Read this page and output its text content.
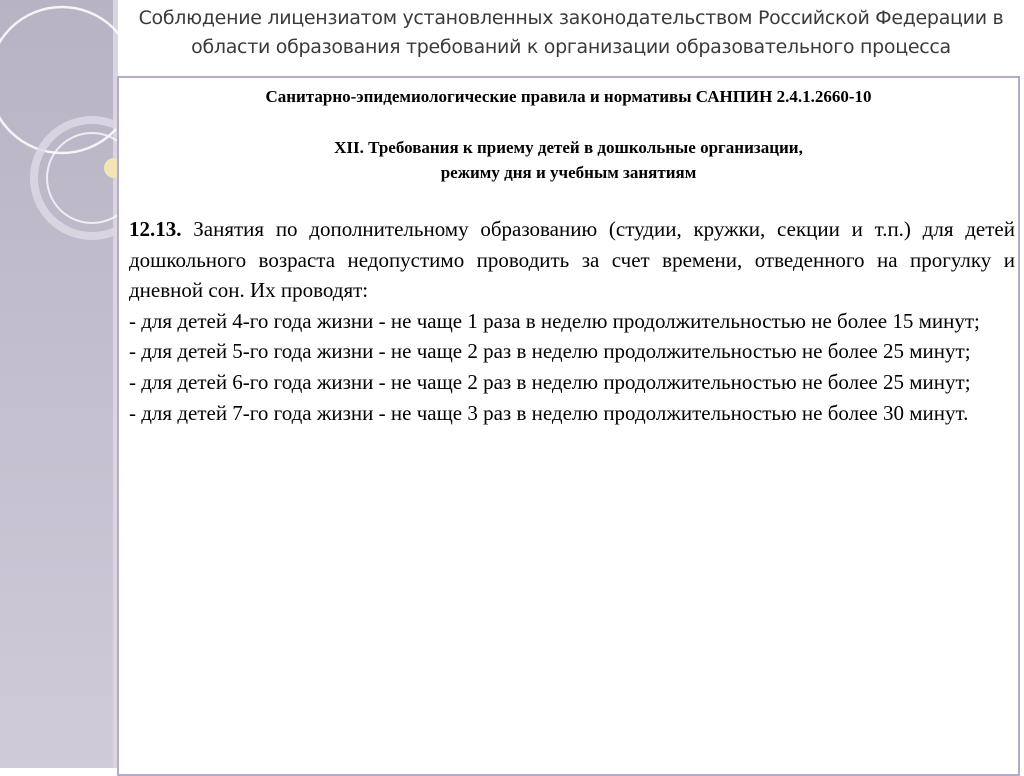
Соблюдение лицензиатом установленных законодательством Российской Федерации в
области образования требований к организации образовательного процесса
Санитарно-эпидемиологические правила и нормативы САНПИН 2.4.1.2660-10
XII. Требования к приему детей в дошкольные организации,
режиму дня и учебным занятиям

12.13. Занятия по дополнительному образованию (студии, кружки, секции и т.п.) для детей дошкольного возраста недопустимо проводить за счет времени, отведенного на прогулку и дневной сон. Их проводят:

- для детей 4-го года жизни - не чаще 1 раза в неделю продолжительностью не более 15 минут;

- для детей 5-го года жизни - не чаще 2 раз в неделю продолжительностью не более 25 минут;

- для детей 6-го года жизни - не чаще 2 раз в неделю продолжительностью не более 25 минут;

- для детей 7-го года жизни - не чаще 3 раз в неделю продолжительностью не более 30 минут.
